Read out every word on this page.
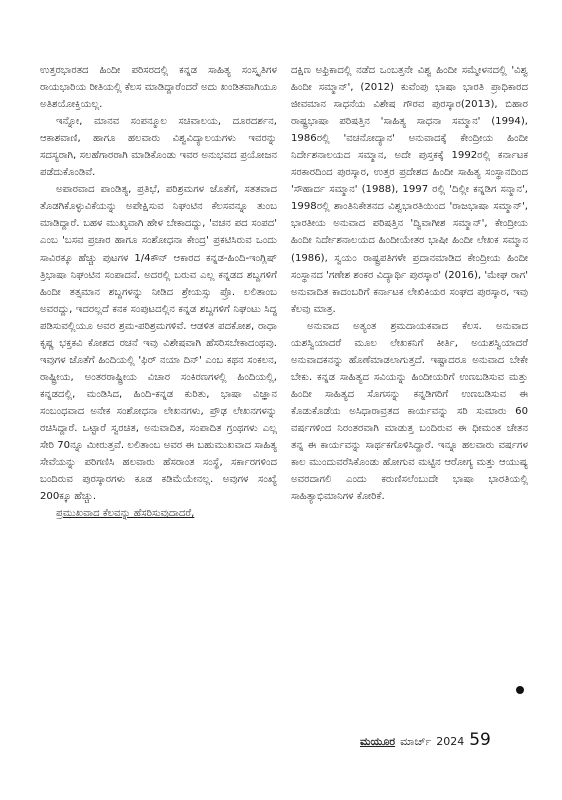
ಉತ್ತರಭಾರತದ ಹಿಂದೀ ಪರಿಸರದಲ್ಲಿ ಕನ್ನಡ ಸಾಹಿತ್ಯ ಸಂಸ್ಕೃತಿಗಳ ರಾಯಭಾರಿಯ ರೀತಿಯಲ್ಲಿ ಕೆಲಸ ಮಾಡಿದ್ದಾರೆಂದರೆ ಅದು ಖಂಡಿತವಾಗಿಯೂ ಅತಿಶಯೋಕ್ತಿಯಲ್ಲ.

ಇನ್ನೋ, ಮಾನವ ಸಂಪನ್ಮೂಲ ಸಚಿವಾಲಯ, ದೂರದರ್ಶನ, ಆಕಾಶವಾಣಿ, ಹಾಗೂ ಹಲವಾರು ವಿಶ್ವವಿದ್ಯಾಲಯಗಳು ಇವರನ್ನು ಸದಸ್ಯರಾಗಿ, ಸಲಹೆಗಾರರಾಗಿ ಮಾಡಿಕೊಂಡು ಇವರ ಅನುಭವದ ಪ್ರಯೋಜನ ಪಡೆದುಕೊಂಡಿವೆ.

ಅಪಾರವಾದ ಪಾಂಡಿತ್ಯ, ಪ್ರತಿಭೆ, ಪರಿಶ್ರಮಗಳ ಜೊತೆಗೆ, ಸತತವಾದ ತೊಡಗಿಕೊಳ್ಳುವಿಕೆಯನ್ನು ಅಪೇಕ್ಷಿಸುವ ನಿಘಂಟಿನ ಕೆಲಸವನ್ನೂ ತುಂಬ ಮಾಡಿದ್ದಾರೆ. ಬಹಳ ಮುಖ್ಯವಾಗಿ ಹೇಳ ಬೇಕಾದದ್ದು, 'ವಚನ ಪದ ಸಂಪದ' ಎಂಬ 'ಬಸವ ಪ್ರಚಾರ ಹಾಗೂ ಸಂಶೋಧನಾ ಕೇಂದ್ರ' ಪ್ರಕಟಿಸಿರುವ ಒಂದು ಸಾವಿರಕ್ಕೂ ಹೆಚ್ಚು ಪುಟಗಳ 1/4ಕೌನ್ ಆಕಾರದ ಕನ್ನಡ-ಹಿಂದಿ-ಇಂಗ್ಲಿಷ್ ತ್ರಿಭಾಷಾ ನಿಘಂಟಿನ ಸಂಪಾದನೆ. ಅದರಲ್ಲಿ ಬರುವ ಎಲ್ಲ ಕನ್ನಡದ ಶಬ್ದಗಳಿಗೆ ಹಿಂದೀ ತತ್ಸಮಾನ ಶಬ್ದಗಳನ್ನು ನೀಡಿದ ಶ್ರೇಯಸ್ಸು ಪ್ರೊ. ಲಲಿತಾಂಬ ಅವರದ್ದು, ಇದರಲ್ಲದೆ ಕನಕ ಸಂಪುಟದಲ್ಲಿನ ಕನ್ನಡ ಶಬ್ದಗಳಿಗೆ ನಿಘಂಟು ಸಿದ್ಧ ಪಡಿಸುವಲ್ಲಿಯೂ ಅವರ ಶ್ರಮ-ಪರಿಶ್ರಮಗಳಿವೆ. ಆಡಳಿತ ಪದಕೋಶ, ರಾಧಾ ಕೃಷ್ಣ ಭಕ್ತಕವಿ ಕೋಶದ ರಚನೆ ಇವು ವಿಶೇಷವಾಗಿ ಹೆಸರಿಸಬೇಕಾದಂಥವು. ಇವುಗಳ ಜೊತೆಗೆ ಹಿಂದಿಯಲ್ಲಿ 'ಫಿರ್ ನಯಾ ದಿನ್' ಎಂಬ ಕಥನ ಸಂಕಲನ, ರಾಷ್ಟ್ರೀಯ, ಅಂತರರಾಷ್ಟ್ರೀಯ ವಿಚಾರ ಸಂಕಿರಣಗಳಲ್ಲಿ ಹಿಂದಿಯಲ್ಲಿ, ಕನ್ನಡದಲ್ಲಿ, ಮಂಡಿಸಿದ, ಹಿಂದಿ-ಕನ್ನಡ ಕುರಿತು, ಭಾಷಾ ವಿಜ್ಞಾನ ಸಂಬಂಧವಾದ ಅನೇಕ ಸಂಶೋಧನಾ ಲೇಖನಗಳು, ಪ್ರೌಢ ಲೇಖನಗಳನ್ನು ರಚಿಸಿದ್ದಾರೆ. ಒಟ್ಟಾರೆ ಸ್ವರಚಿತ, ಅನುವಾದಿತ, ಸಂಪಾದಿತ ಗ್ರಂಥಗಳು ಎಲ್ಲ ಸೇರಿ 70ನ್ನೂ ಮೀರುತ್ತವೆ. ಲಲಿತಾಂಬ ಅವರ ಈ ಬಹುಮುಖವಾದ ಸಾಹಿತ್ಯ ಸೇವೆಯನ್ನು ಪರಿಗಣಿಸಿ ಹಲವಾರು ಹೆಸರಾಂತ ಸಂಸ್ಥೆ, ಸರ್ಕಾರಗಳಿಂದ ಬಂದಿರುವ ಪುರಸ್ಕಾರಗಳು ಕೂಡ ಕಡಿಮೆಯೇನಲ್ಲ. ಅವುಗಳ ಸಂಖ್ಯೆ 200ಕ್ಕೂ ಹೆಚ್ಚು.

ಪ್ರಮುಖವಾದ ಕೆಲವನ್ನು ಹೆಸರಿಸುವುದಾದರೆ,

ದಕ್ಷಿಣ ಅಫ್ರಿಕಾದಲ್ಲಿ ನಡೆದ ಒಂಬತ್ತನೇ ವಿಶ್ವ ಹಿಂದೀ ಸಮ್ಮೇಳನದಲ್ಲಿ 'ವಿಶ್ವ ಹಿಂದೀ ಸಮ್ಮಾನ್', (2012) ಕುವೆಂಪು ಭಾಷಾ ಭಾರತಿ ಪ್ರಾಧಿಕಾರದ ಜೀವಮಾನ ಸಾಧನೆಯ ವಿಶೇಷ ಗೌರವ ಪುರಸ್ಕಾರ(2013), ಬಿಹಾರ ರಾಷ್ಟ್ರಭಾಷಾ ಪರಿಷತ್ತಿನ 'ಸಾಹಿತ್ಯ ಸಾಧನಾ ಸಮ್ಮಾನ' (1994), 1986ರಲ್ಲಿ 'ವಚನೋದ್ಯಾನ' ಅನುವಾದಕ್ಕೆ ಕೇಂದ್ರೀಯ ಹಿಂದೀ ನಿರ್ದೇಶನಾಲಯದ ಸಮ್ಮಾನ, ಅದೇ ಪುಸ್ತಕಕ್ಕೆ 1992ರಲ್ಲಿ ಕರ್ನಾಟಕ ಸರಕಾರದಿಂದ ಪುರಸ್ಕಾರ, ಉತ್ತರ ಪ್ರದೇಶದ ಹಿಂದೀ ಸಾಹಿತ್ಯ ಸಂಸ್ಥಾನದಿಂದ 'ಸೌಹಾರ್ದ ಸಮ್ಮಾನ' (1988), 1997 ರಲ್ಲಿ 'ದಿಲ್ಲೀ ಕನ್ನಡಿಗ ಸನ್ಮಾನ', 1998ರಲ್ಲಿ ಶಾಂತಿನಿಕೇತನದ ವಿಶ್ವಭಾರತಿಯಿಂದ 'ರಾಜಭಾಷಾ ಸಮ್ಮಾನ್', ಭಾರತೀಯ ಅನುವಾದ ಪರಿಷತ್ತಿನ 'ದ್ವಿವಾಗೀಶ ಸಮ್ಮಾನ್', ಕೇಂದ್ರೀಯ ಹಿಂದೀ ನಿರ್ದೇಶನಾಲಯದ ಹಿಂದೀಯೇತರ ಭಾಷೀ ಹಿಂದೀ ಲೇಖಕ ಸಮ್ಮಾನ (1986), ಸ್ವಯಂ ರಾಷ್ಟ್ರಪತಿಗಳೇ ಪ್ರದಾನಮಾಡಿದ ಕೇಂದ್ರೀಯ ಹಿಂದೀ ಸಂಸ್ಥಾನದ 'ಗಣೇಶ ಶಂಕರ ವಿದ್ಯಾರ್ಥಿ ಪುರಸ್ಕಾರ' (2016), 'ಮೇಘ ರಾಗ' ಅನುವಾದಿತ ಕಾದಂಬರಿಗೆ ಕರ್ನಾಟಕ ಲೇಖಿಕಿಯರ ಸಂಘದ ಪುರಸ್ಕಾರ, ಇವು ಕೆಲವು ಮಾತ್ರ.

ಅನುವಾದ ಅತ್ಯಂತ ಶ್ರಮದಾಯಕವಾದ ಕೆಲಸ. ಅನುವಾದ ಯಶಸ್ವಿಯಾದರೆ ಮೂಲ ಲೇಖಕನಿಗೆ ಕೀರ್ತಿ, ಅಯಶಸ್ವಿಯಾದರೆ ಅನುವಾದಕನನ್ನು ಹೊಣೆಮಾಡಲಾಗುತ್ತದೆ. ಇಷ್ಟಾದರೂ ಅನುವಾದ ಬೇಕೇ ಬೇಕು. ಕನ್ನಡ ಸಾಹಿತ್ಯದ ಸವಿಯನ್ನು ಹಿಂದೀಯರಿಗೆ ಉಣಬಡಿಸುವ ಮತ್ತು ಹಿಂದೀ ಸಾಹಿತ್ಯದ ಸೊಗಸನ್ನು ಕನ್ನಡಿಗರಿಗೆ ಉಣಬಡಿಸುವ ಈ ಕೊಡುಕೊಡೆಯ ಅಸಿಧಾರಾವ್ರತದ ಕಾರ್ಯವನ್ನು ಸರಿ ಸುಮಾರು 60 ವರ್ಷಗಳಿಂದ ನಿರಂತರವಾಗಿ ಮಾಡುತ್ತ ಬಂದಿರುವ ಈ ಧೀಮಂತ ಚೇತನ ತನ್ನ ಈ ಕಾರ್ಯವನ್ನು ಸಾರ್ಥಕಗೊಳಿಸಿದ್ದಾರೆ. ಇನ್ನೂ ಹಲವಾರು ವರ್ಷಗಳ ಕಾಲ ಮುಂದುವರೆಸಿಕೊಂಡು ಹೋಗುವ ಮಟ್ಟಿನ ಆರೋಗ್ಯ ಮತ್ತು ಆಯುಷ್ಯ ಅವರದಾಗಲಿ ಎಂದು ಕರುಣಿಸಲೆಂಬುದೇ ಭಾಷಾ ಭಾರತಿಯಲ್ಲಿ ಸಾಹಿತ್ಯಾಭಿಮಾನಿಗಳ ಕೋರಿಕೆ.

ಮಯೂರ ಮಾರ್ಚ್ 2024 59
